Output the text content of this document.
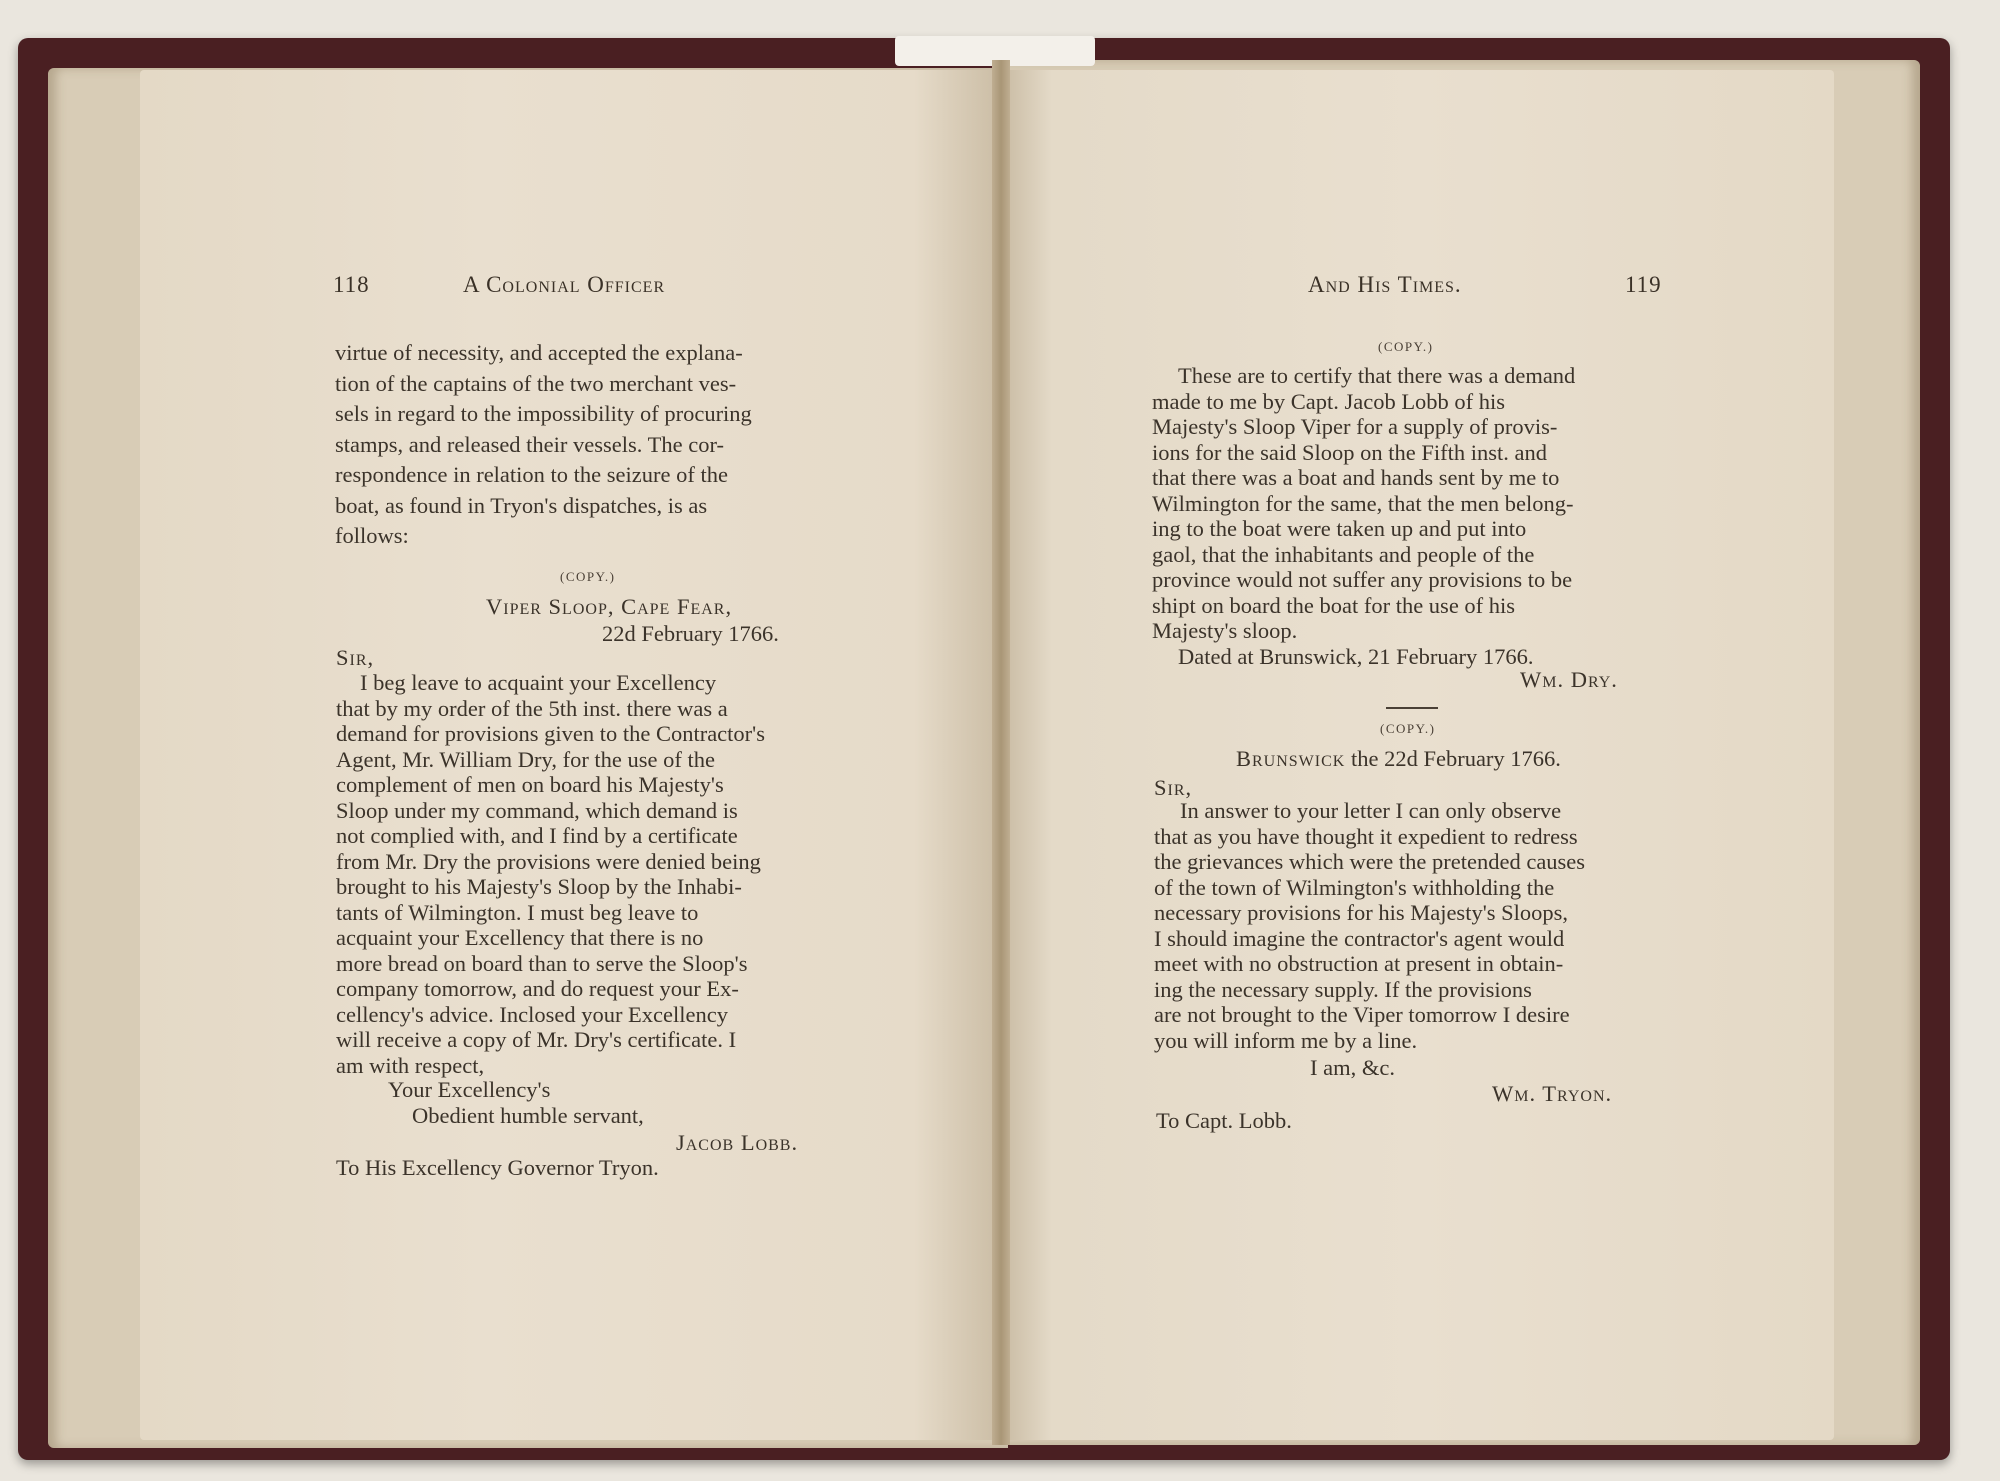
118	A Colonial Officer
virtue of necessity, and accepted the explana-
tion of the captains of the two merchant ves-
sels in regard to the impossibility of procuring
stamps, and released their vessels. The cor-
respondence in relation to the seizure of the
boat, as found in Tryon's dispatches, is as
follows:
(COPY.)
Viper Sloop, Cape Fear,
22d February 1766.
Sir,
I beg leave to acquaint your Excellency
that by my order of the 5th inst. there was a
demand for provisions given to the Contractor's
Agent, Mr. William Dry, for the use of the
complement of men on board his Majesty's
Sloop under my command, which demand is
not complied with, and I find by a certificate
from Mr. Dry the provisions were denied being
brought to his Majesty's Sloop by the Inhabi-
tants of Wilmington. I must beg leave to
acquaint your Excellency that there is no
more bread on board than to serve the Sloop's
company tomorrow, and do request your Ex-
cellency's advice. Inclosed your Excellency
will receive a copy of Mr. Dry's certificate. I
am with respect,
Your Excellency's
Obedient humble servant,
Jacob Lobb.
To His Excellency Governor Tryon.
And His Times.	119
(COPY.)
These are to certify that there was a demand
made to me by Capt. Jacob Lobb of his
Majesty's Sloop Viper for a supply of provis-
ions for the said Sloop on the Fifth inst. and
that there was a boat and hands sent by me to
Wilmington for the same, that the men belong-
ing to the boat were taken up and put into
gaol, that the inhabitants and people of the
province would not suffer any provisions to be
shipt on board the boat for the use of his
Majesty's sloop.
Dated at Brunswick, 21 February 1766.
Wm. Dry.
(COPY.)
Brunswick the 22d February 1766.
Sir,
In answer to your letter I can only observe
that as you have thought it expedient to redress
the grievances which were the pretended causes
of the town of Wilmington's withholding the
necessary provisions for his Majesty's Sloops,
I should imagine the contractor's agent would
meet with no obstruction at present in obtain-
ing the necessary supply. If the provisions
are not brought to the Viper tomorrow I desire
you will inform me by a line.
I am, &c.
Wm. Tryon.
To Capt. Lobb.
